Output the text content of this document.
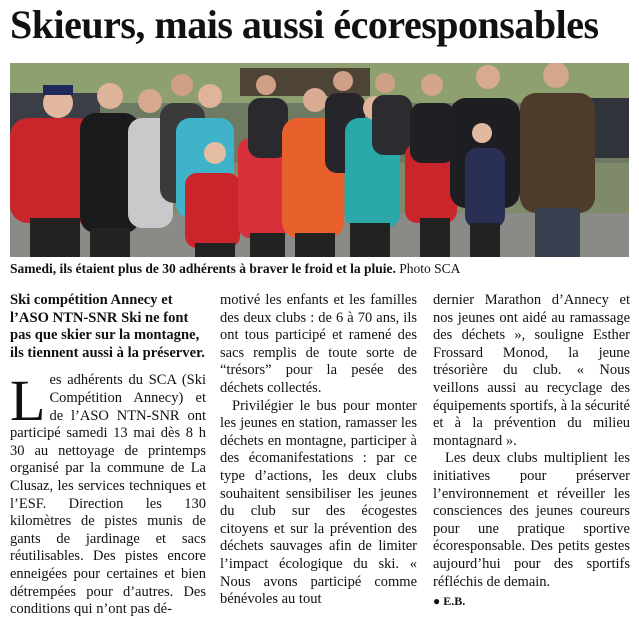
Skieurs, mais aussi écoresponsables
Samedi, ils étaient plus de 30 adhérents à braver le froid et la pluie. Photo SCA

Ski compétition Annecy et l’ASO NTN-SNR Ski ne font pas que skier sur la montagne, ils tiennent aussi à la préserver.

Les adhérents du SCA (Ski Compétition Annecy) et de l’ASO NTN-SNR ont participé samedi 13 mai dès 8 h 30 au nettoyage de printemps organisé par la commune de La Clusaz, les services techniques et l’ESF. Direction les 130 kilomètres de pistes munis de gants de jardinage et sacs réutilisables. Des pistes encore enneigées pour certaines et bien détrempées pour d’autres. Des conditions qui n’ont pas dé-

motivé les enfants et les familles des deux clubs : de 6 à 70 ans, ils ont tous participé et ramené des sacs remplis de toute sorte de “trésors” pour la pesée des déchets collectés.

Privilégier le bus pour monter les jeunes en station, ramasser les déchets en montagne, participer à des écomanifestations : par ce type d’actions, les deux clubs souhaitent sensibiliser les jeunes du club sur des écogestes citoyens et sur la prévention des déchets sauvages afin de limiter l’impact écologique du ski. « Nous avons participé comme bénévoles au tout

dernier Marathon d’Annecy et nos jeunes ont aidé au ramassage des déchets », souligne Esther Frossard Monod, la jeune trésorière du club. « Nous veillons aussi au recyclage des équipements sportifs, à la sécurité et à la prévention du milieu montagnard ».

Les deux clubs multiplient les initiatives pour préserver l’environnement et réveiller les consciences des jeunes coureurs pour une pratique sportive écoresponsable. Des petits gestes aujourd’hui pour des sportifs réfléchis de demain.

● E.B.
